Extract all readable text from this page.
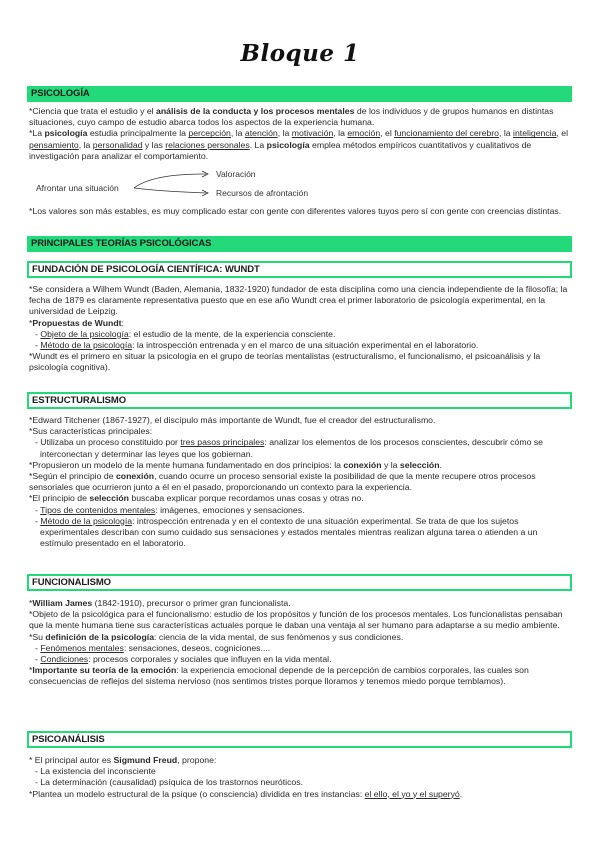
Bloque 1
PSICOLOGÍA

*Ciencia que trata el estudio y el análisis de la conducta y los procesos mentales de los individuos y de grupos humanos en distintas situaciones, cuyo campo de estudio abarca todos los aspectos de la experiencia humana.

*La psicología estudia principalmente la percepción, la atención, la motivación, la emoción, el funcionamiento del cerebro, la inteligencia, el pensamiento, la personalidad y las relaciones personales. La psicología emplea métodos empíricos cuantitativos y cualitativos de investigación para analizar el comportamiento.

Afrontar una situación
Valoración
Recursos de afrontación

*Los valores son más estables, es muy complicado estar con gente con diferentes valores tuyos pero sí con gente con creencias distintas.

PRINCIPALES TEORÍAS PSICOLÓGICAS
FUNDACIÓN DE PSICOLOGÍA CIENTÍFICA: WUNDT

*Se considera a Wilhem Wundt (Baden, Alemania, 1832-1920) fundador de esta disciplina como una ciencia independiente de la filosofía; la fecha de 1879 es claramente representativa puesto que en ese año Wundt crea el primer laboratorio de psicología experimental, en la universidad de Leipzig.

*Propuestas de Wundt:

- Objeto de la psicología: el estudio de la mente, de la experiencia consciente.

- Método de la psicología: la introspección entrenada y en el marco de una situación experimental en el laboratorio.

*Wundt es el primero en situar la psicología en el grupo de teorías mentalistas (estructuralismo, el funcionalismo, el psicoanálisis y la psicología cognitiva).

ESTRUCTURALISMO

*Edward Titchener (1867-1927), el discípulo más importante de Wundt, fue el creador del estructuralismo.

*Sus características principales:

- Utilizaba un proceso constituido por tres pasos principales: analizar los elementos de los procesos conscientes, descubrir cómo se interconectan y determinar las leyes que los gobiernan.

*Propusieron un modelo de la mente humana fundamentado en dos principios: la conexión y la selección.

*Según el principio de conexión, cuando ocurre un proceso sensorial existe la posibilidad de que la mente recupere otros procesos sensoriales que ocurrieron junto a él en el pasado, proporcionando un contexto para la experiencia.

*El principio de selección buscaba explicar porque recordamos unas cosas y otras no.

- Tipos de contenidos mentales: imágenes, emociones y sensaciones.

- Método de la psicología: introspección entrenada y en el contexto de una situación experimental. Se trata de que los sujetos experimentales describan con sumo cuidado sus sensaciones y estados mentales mientras realizan alguna tarea o atienden a un estímulo presentado en el laboratorio.

FUNCIONALISMO

*William James (1842-1910), precursor o primer gran funcionalista.

*Objeto de la psicológica para el funcionalismo: estudio de los propósitos y función de los procesos mentales. Los funcionalistas pensaban que la mente humana tiene sus características actuales porque le daban una ventaja al ser humano para adaptarse a su medio ambiente.

*Su definición de la psicología: ciencia de la vida mental, de sus fenómenos y sus condiciones.

- Fenómenos mentales: sensaciones, deseos, cogniciones....

- Condiciones: procesos corporales y sociales que influyen en la vida mental.

*Importante su teoría de la emoción: la experiencia emocional depende de la percepción de cambios corporales, las cuales son consecuencias de reflejos del sistema nervioso (nos sentimos tristes porque lloramos y tenemos miedo porque temblamos).

PSICOANÁLISIS

* El principal autor es Sigmund Freud, propone:

- La existencia del inconsciente

- La determinación (causalidad) psíquica de los trastornos neuróticos.

*Plantea un modelo estructural de la psique (o consciencia) dividida en tres instancias: el ello, el yo y el superyó.
